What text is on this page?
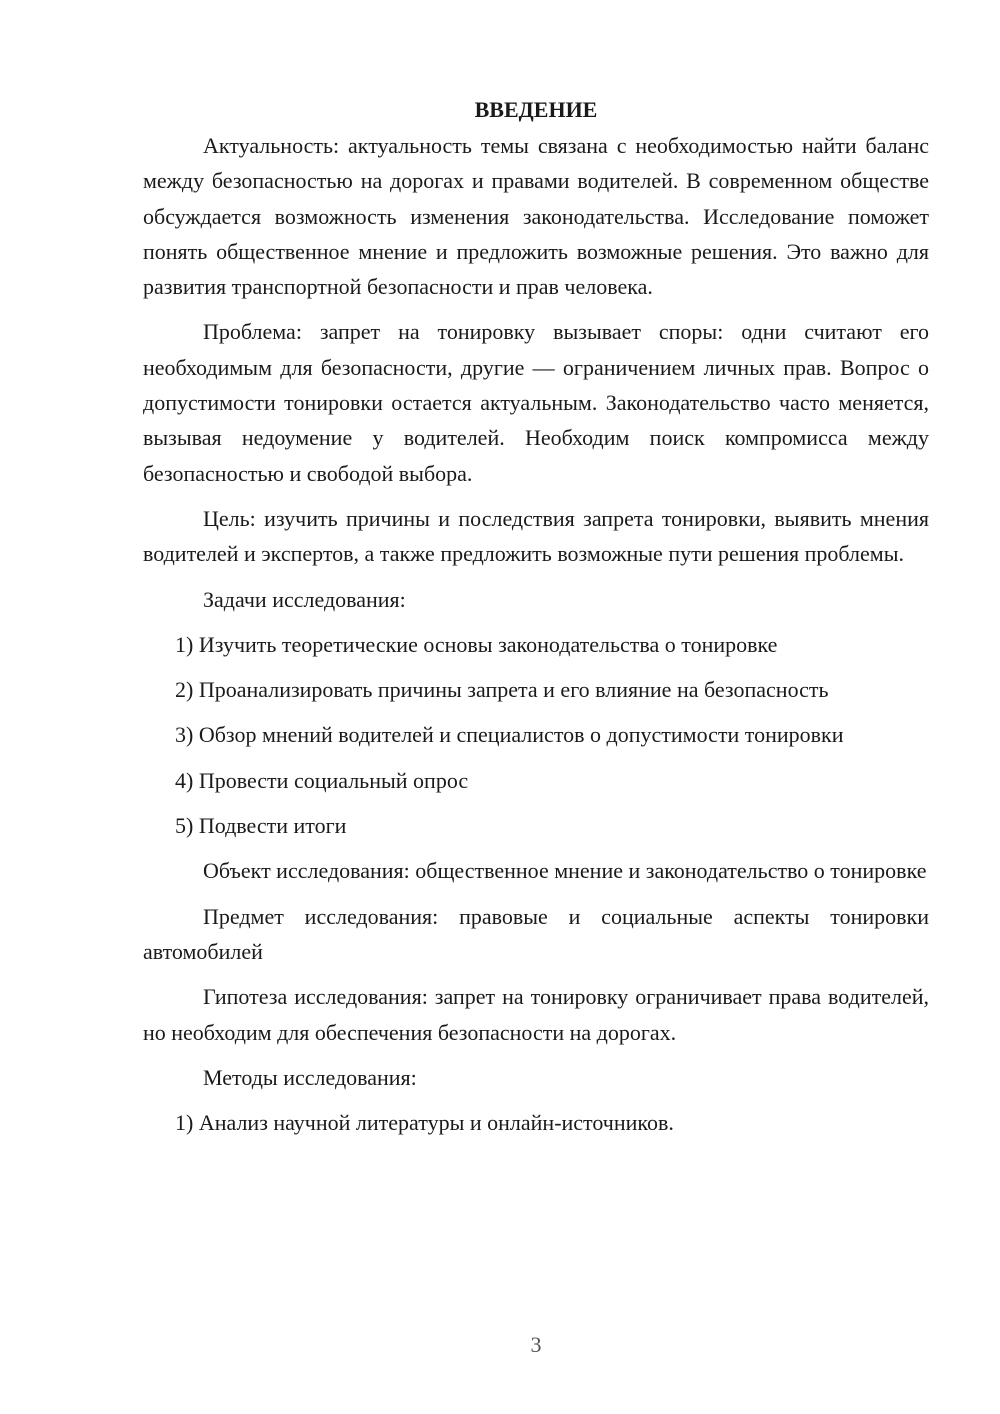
ВВЕДЕНИЕ

Актуальность: актуальность темы связана с необходимостью найти баланс между безопасностью на дорогах и правами водителей. В современном обществе обсуждается возможность изменения законодательства. Исследование поможет понять общественное мнение и предложить возможные решения. Это важно для развития транспортной безопасности и прав человека.

Проблема: запрет на тонировку вызывает споры: одни считают его необходимым для безопасности, другие — ограничением личных прав. Вопрос о допустимости тонировки остается актуальным. Законодательство часто меняется, вызывая недоумение у водителей. Необходим поиск компромисса между безопасностью и свободой выбора.

Цель: изучить причины и последствия запрета тонировки, выявить мнения водителей и экспертов, а также предложить возможные пути решения проблемы.

Задачи исследования:

1) Изучить теоретические основы законодательства о тонировке

2) Проанализировать причины запрета и его влияние на безопасность

3) Обзор мнений водителей и специалистов о допустимости тонировки

4) Провести социальный опрос

5) Подвести итоги

Объект исследования: общественное мнение и законодательство о тонировке

Предмет исследования: правовые и социальные аспекты тонировки автомобилей

Гипотеза исследования: запрет на тонировку ограничивает права водителей, но необходим для обеспечения безопасности на дорогах.

Методы исследования:

1) Анализ научной литературы и онлайн-источников.

3
